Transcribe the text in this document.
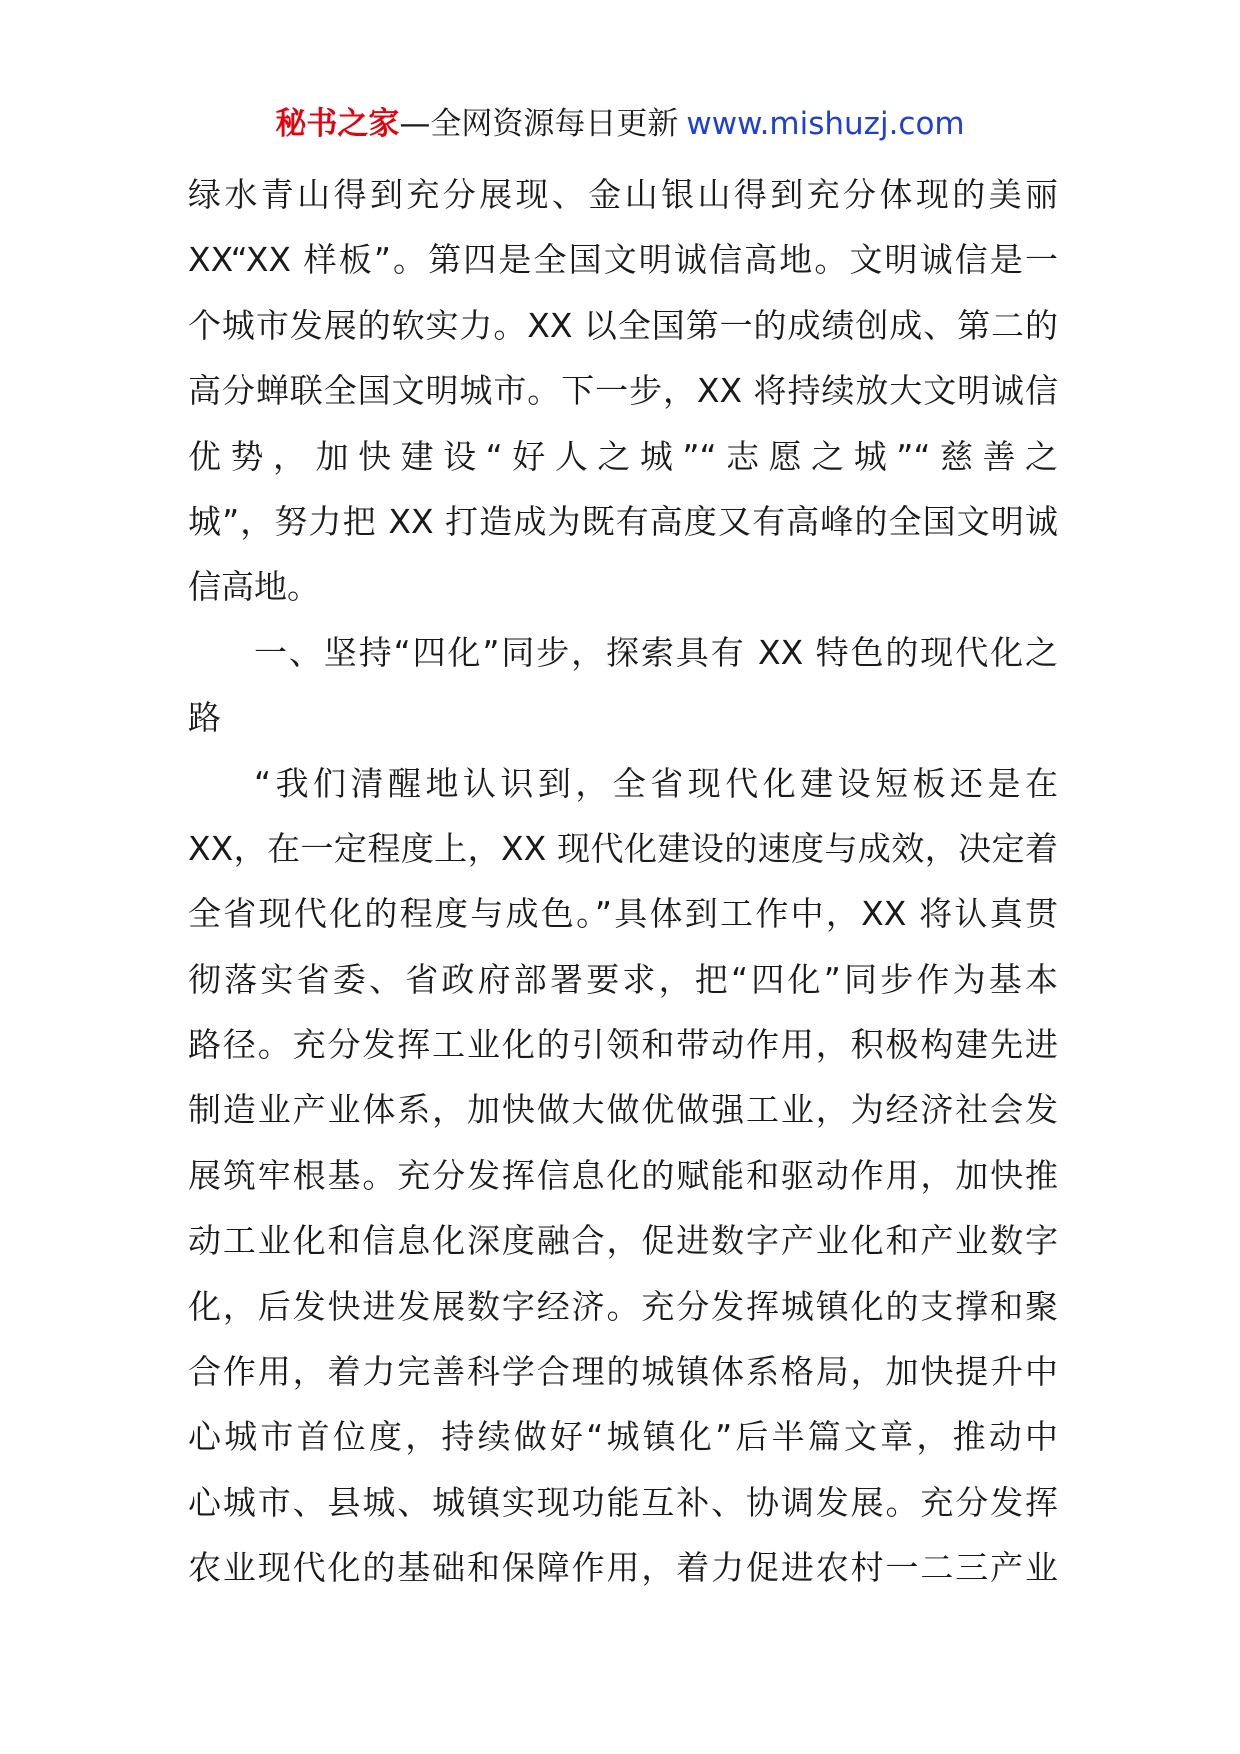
秘书之家—全网资源每日更新 www.mishuzj.com
绿水青山得到充分展现、金山银山得到充分体现的美丽
XX“XX 样板”。第四是全国文明诚信高地。文明诚信是一
个城市发展的软实力。XX 以全国第一的成绩创成、第二的
高分蝉联全国文明城市。下一步，XX 将持续放大文明诚信
优势，加快建设“好人之城”“志愿之城”“慈善之
城”，努力把 XX 打造成为既有高度又有高峰的全国文明诚
信高地。
一、坚持“四化”同步，探索具有 XX 特色的现代化之
路
“我们清醒地认识到，全省现代化建设短板还是在
XX，在一定程度上，XX 现代化建设的速度与成效，决定着
全省现代化的程度与成色。”具体到工作中，XX 将认真贯
彻落实省委、省政府部署要求，把“四化”同步作为基本
路径。充分发挥工业化的引领和带动作用，积极构建先进
制造业产业体系，加快做大做优做强工业，为经济社会发
展筑牢根基。充分发挥信息化的赋能和驱动作用，加快推
动工业化和信息化深度融合，促进数字产业化和产业数字
化，后发快进发展数字经济。充分发挥城镇化的支撑和聚
合作用，着力完善科学合理的城镇体系格局，加快提升中
心城市首位度，持续做好“城镇化”后半篇文章，推动中
心城市、县城、城镇实现功能互补、协调发展。充分发挥
农业现代化的基础和保障作用，着力促进农村一二三产业
